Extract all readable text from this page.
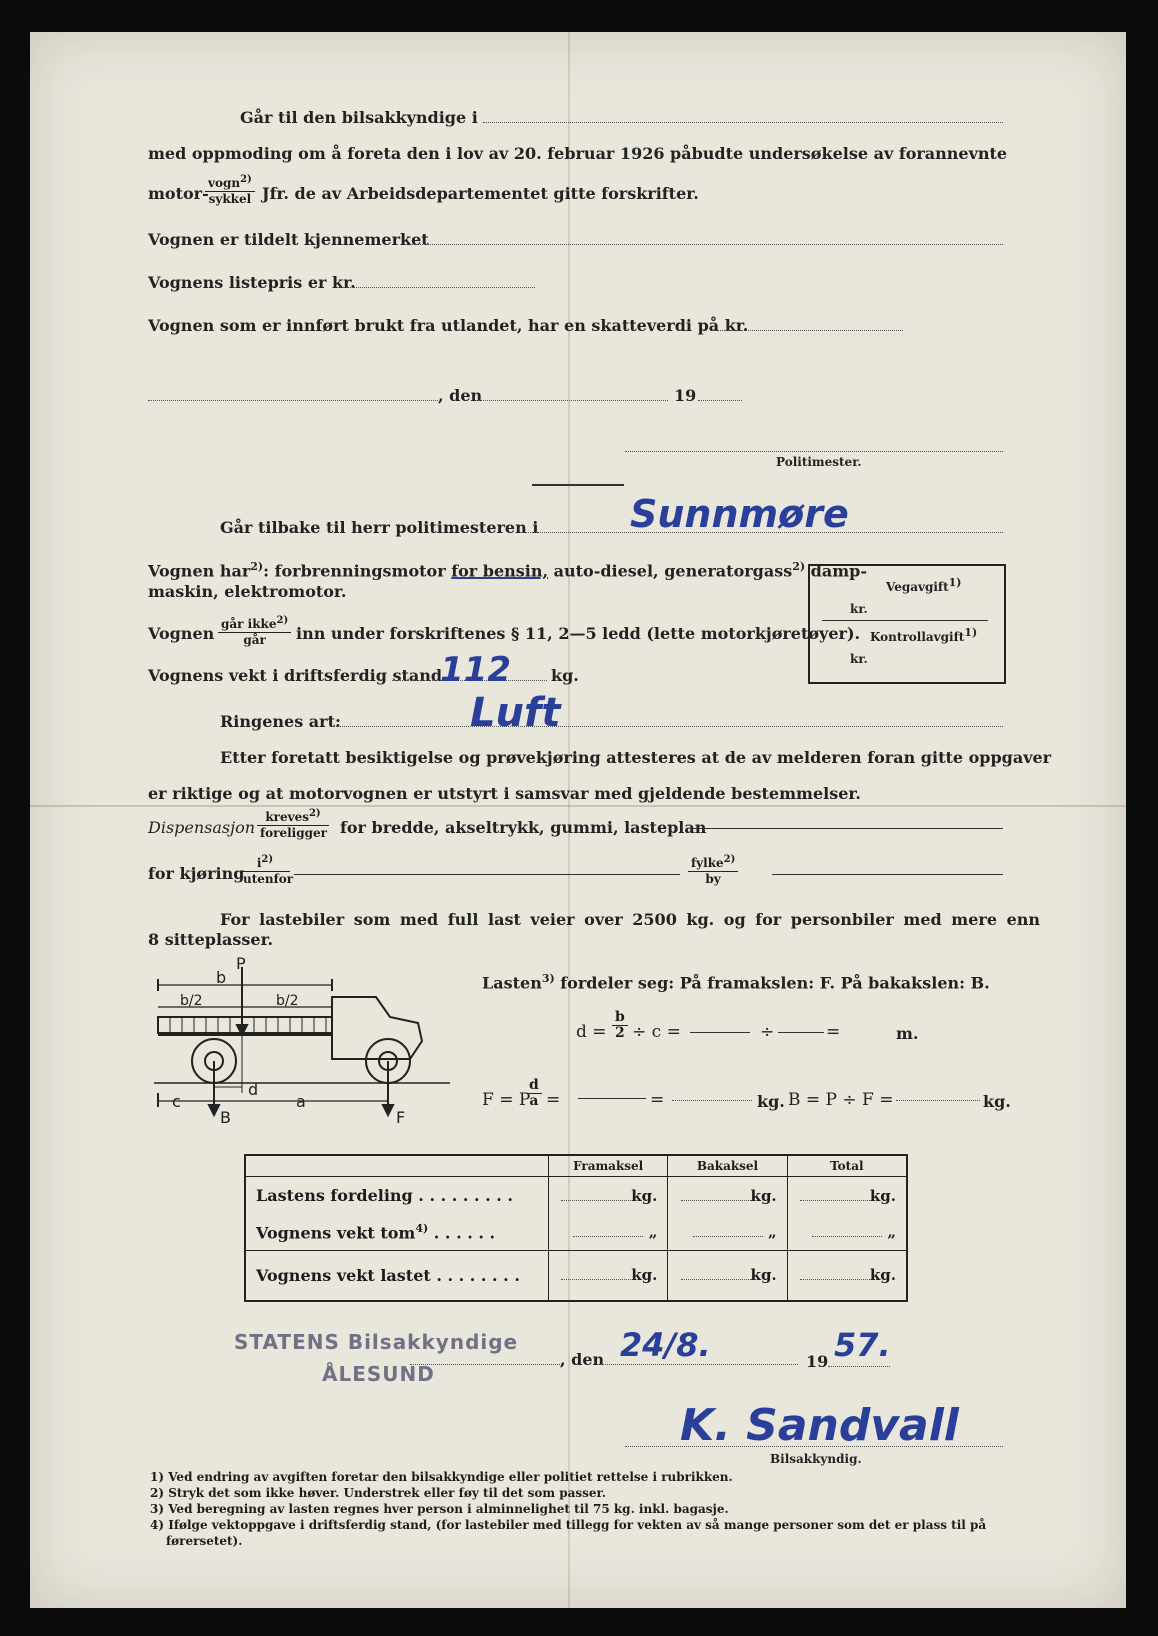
Går til den bilsakkyndige i
med oppmoding om å foreta den i lov av 20. februar 1926 påbudte undersøkelse av forannevnte
motor-
vogn$^{2)}$
sykkel Jfr. de av Arbeidsdepartementet gitte forskrifter.
Vognen er tildelt kjennemerket
Vognens listepris er kr.
Vognen som er innført brukt fra utlandet, har en skatteverdi på kr.
, den	19
Politimester.
Går tilbake til herr politimesteren i Sunnmøre
Vognen har$^{2)}$: forbrenningsmotor for bensin, auto-diesel, generatorgass$^{2)}$ damp-
maskin, elektromotor.
Vognen går ikke$^{2)}$
går	inn under forskriftenes § 11, 2—5 ledd (lette motorkjøretøyer).
Vognens vekt i driftsferdig stand
112	kg.
Ringenes art:	Luft
Vegavgift$^{1)}$
kr.
Kontrollavgift$^{1)}$
kr.
Etter foretatt besiktigelse og prøvekjøring attesteres at de av melderen foran gitte oppgaver
er riktige og at motorvognen er utstyrt i samsvar med gjeldende bestemmelser.
Dispensasjon
kreves$^{2)}$
foreligger for bredde, akseltrykk, gummi, lasteplan
for kjøring
$i^{2)}$
utenfor
fylke$^{2)}$
by
For lastebiler som med full last veier over 2500 kg. og for personbiler med mere enn
8 sitteplasser.
P
b
b/2	b/2
c
d
a
B	F
Lasten$^{3)}$ fordeler seg: På framakslen: F. På bakakslen: B.
$d = \frac{b}{2} \div c$ =	÷	=	m.
F = P
$\frac{d}{a}$ =	=	kg. B = P ÷ F =	kg.
	Framaksel	Bakaksel	Total
Lastens fordeling . . . . . . . . .	kg.	kg.	kg.
Vognens vekt tom$^{4)}$ . . . . . .	„	„	„
Vognens vekt lastet . . . . . . . .	kg.	kg.	kg.
STATENS Bilsakkyndige
ÅLESUND
, den 24/8.	19 57.
K. Sandvall
Bilsakkyndig.
1) Ved endring av avgiften foretar den bilsakkyndige eller politiet rettelse i rubrikken.
2) Stryk det som ikke høver. Understrek eller føy til det som passer.
3) Ved beregning av lasten regnes hver person i alminnelighet til 75 kg. inkl. bagasje.
4) Ifølge vektoppgave i driftsferdig stand, (for lastebiler med tillegg for vekten av så mange personer som det er plass til på
førersetet).
